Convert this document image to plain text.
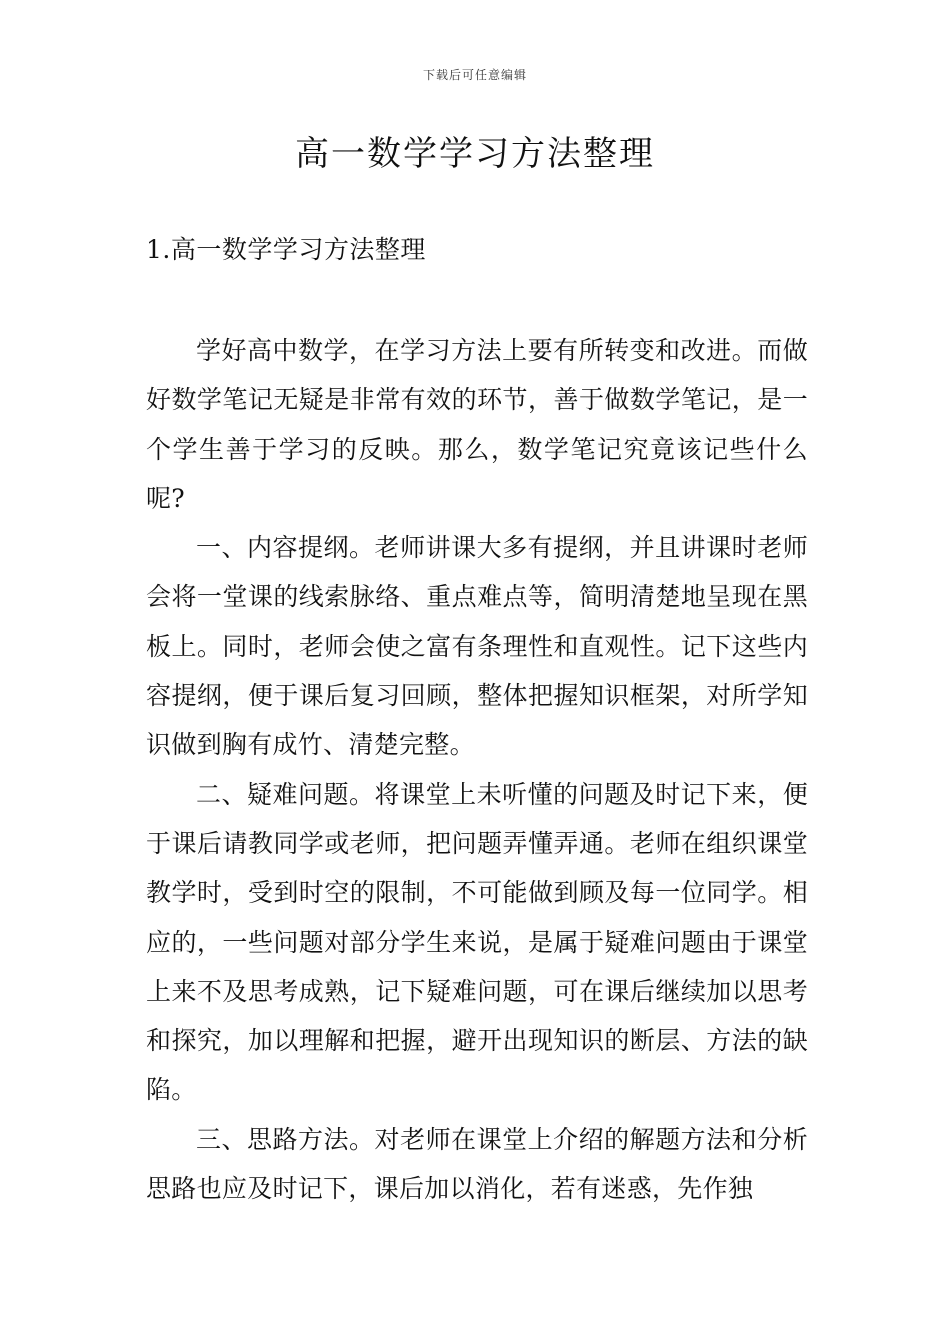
下载后可任意编辑
高一数学学习方法整理
1.高一数学学习方法整理

学好高中数学，在学习方法上要有所转变和改进。而做好数学笔记无疑是非常有效的环节，善于做数学笔记，是一个学生善于学习的反映。那么，数学笔记究竟该记些什么呢?

一、内容提纲。老师讲课大多有提纲，并且讲课时老师会将一堂课的线索脉络、重点难点等，简明清楚地呈现在黑板上。同时，老师会使之富有条理性和直观性。记下这些内容提纲，便于课后复习回顾，整体把握知识框架，对所学知识做到胸有成竹、清楚完整。

二、疑难问题。将课堂上未听懂的问题及时记下来，便于课后请教同学或老师，把问题弄懂弄通。老师在组织课堂教学时，受到时空的限制，不可能做到顾及每一位同学。相应的，一些问题对部分学生来说，是属于疑难问题由于课堂上来不及思考成熟，记下疑难问题，可在课后继续加以思考和探究，加以理解和把握，避开出现知识的断层、方法的缺陷。

三、思路方法。对老师在课堂上介绍的解题方法和分析思路也应及时记下，课后加以消化，若有迷惑，先作独
